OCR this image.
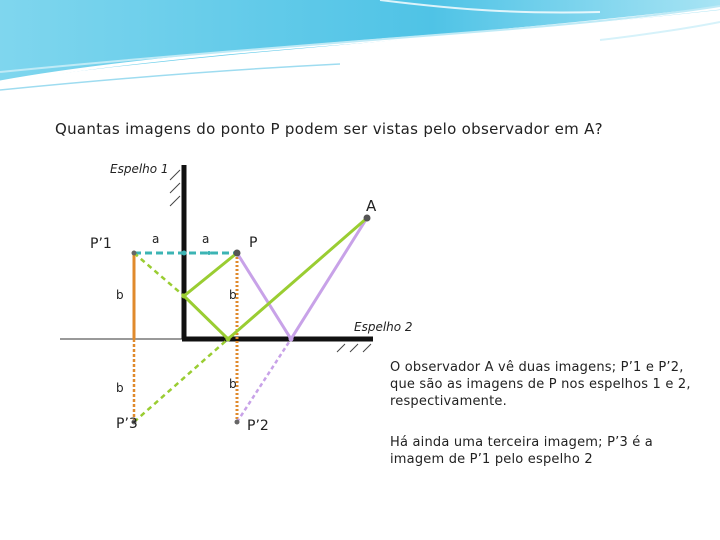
Quantas imagens do ponto P podem ser vistas pelo observador em A?
Espelho 1
Espelho 2
A
P
P’1
P’3	P’2
a	a
b	b
b	b
O observador A vê duas imagens; P’1 e P’2, que são as imagens de P nos espelhos 1 e 2, respectivamente.
Há ainda uma terceira imagem; P’3 é a imagem de P’1 pelo espelho 2
